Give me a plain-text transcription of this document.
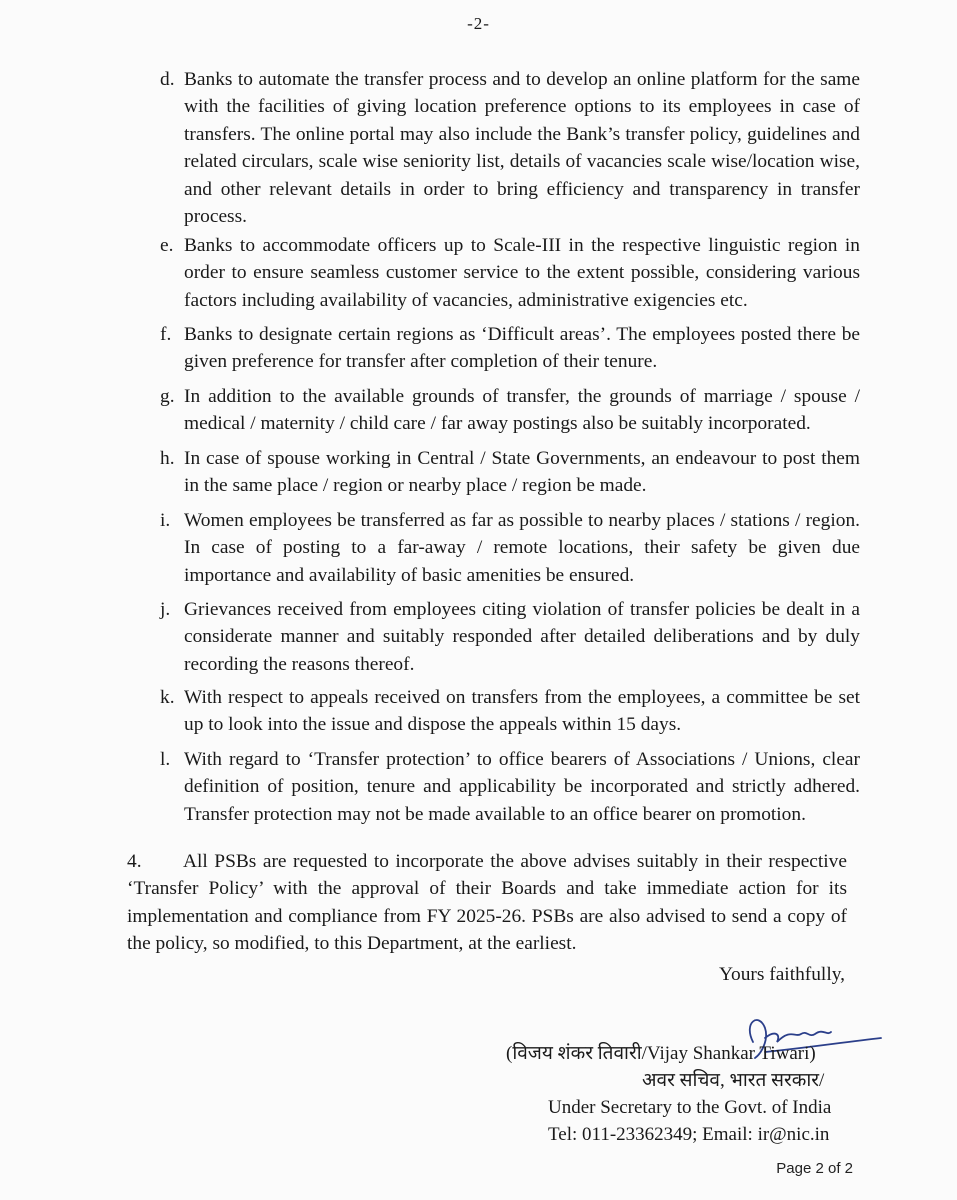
-2-
d. Banks to automate the transfer process and to develop an online platform for the same with the facilities of giving location preference options to its employees in case of transfers. The online portal may also include the Bank’s transfer policy, guidelines and related circulars, scale wise seniority list, details of vacancies scale wise/location wise, and other relevant details in order to bring efficiency and transparency in transfer process.
e. Banks to accommodate officers up to Scale-III in the respective linguistic region in order to ensure seamless customer service to the extent possible, considering various factors including availability of vacancies, administrative exigencies etc.
f. Banks to designate certain regions as ‘Difficult areas’. The employees posted there be given preference for transfer after completion of their tenure.
g. In addition to the available grounds of transfer, the grounds of marriage / spouse / medical / maternity / child care / far away postings also be suitably incorporated.
h. In case of spouse working in Central / State Governments, an endeavour to post them in the same place / region or nearby place / region be made.
i. Women employees be transferred as far as possible to nearby places / stations / region. In case of posting to a far-away / remote locations, their safety be given due importance and availability of basic amenities be ensured.
j. Grievances received from employees citing violation of transfer policies be dealt in a considerate manner and suitably responded after detailed deliberations and by duly recording the reasons thereof.
k. With respect to appeals received on transfers from the employees, a committee be set up to look into the issue and dispose the appeals within 15 days.
l. With regard to ‘Transfer protection’ to office bearers of Associations / Unions, clear definition of position, tenure and applicability be incorporated and strictly adhered. Transfer protection may not be made available to an office bearer on promotion.
4. All PSBs are requested to incorporate the above advises suitably in their respective ‘Transfer Policy’ with the approval of their Boards and take immediate action for its implementation and compliance from FY 2025-26. PSBs are also advised to send a copy of the policy, so modified, to this Department, at the earliest.
Yours faithfully,
(विजय शंकर तिवारी/Vijay Shankar Tiwari)
अवर सचिव, भारत सरकार/
Under Secretary to the Govt. of India
Tel: 011-23362349; Email: ir@nic.in
Page 2 of 2
